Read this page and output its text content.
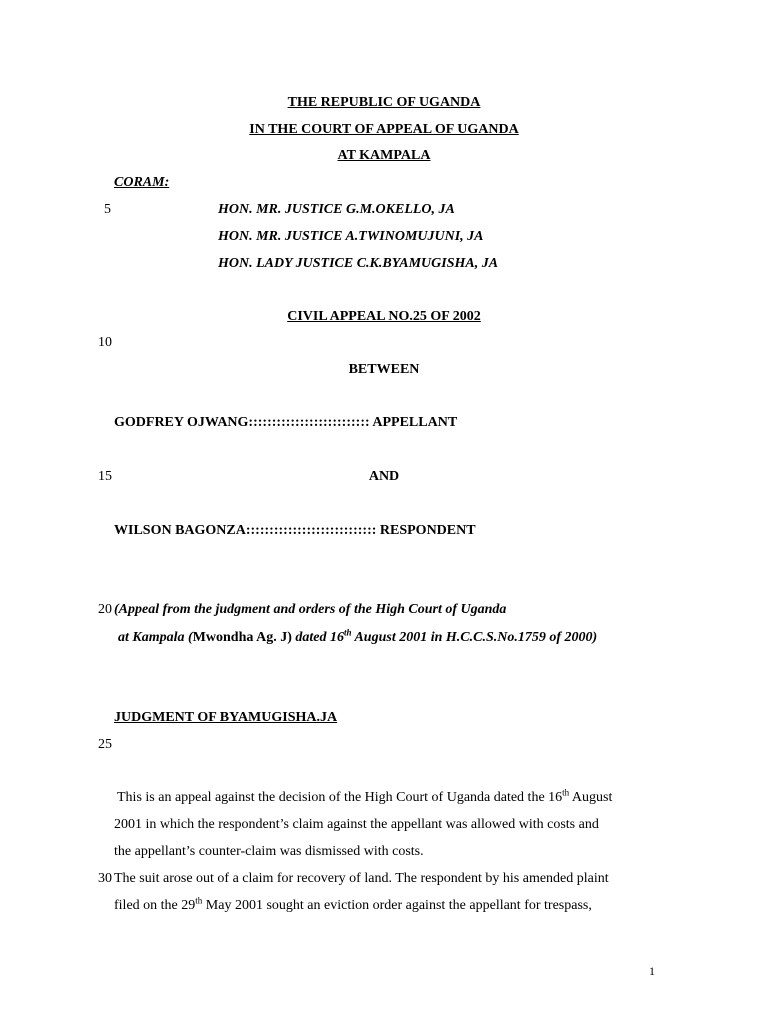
THE REPUBLIC OF UGANDA
IN THE COURT OF APPEAL OF UGANDA
AT KAMPALA
CORAM:
5	HON. MR. JUSTICE G.M.OKELLO, JA
HON. MR. JUSTICE A.TWINOMUJUNI, JA
HON. LADY JUSTICE C.K.BYAMUGISHA, JA
CIVIL APPEAL NO.25 OF 2002
10
BETWEEN
GODFREY OJWANG:::::::::::::::::::::::::: APPELLANT
15	AND
WILSON BAGONZA:::::::::::::::::::::::::::: RESPONDENT
20 (Appeal from the judgment and orders of the High Court of Uganda
at Kampala (Mwondha Ag. J) dated 16th August 2001 in H.C.C.S.No.1759 of 2000)
JUDGMENT OF BYAMUGISHA.JA
25
This is an appeal against the decision of the High Court of Uganda dated the 16th August
2001 in which the respondent’s claim against the appellant was allowed with costs and
the appellant’s counter-claim was dismissed with costs.
30 The suit arose out of a claim for recovery of land. The respondent by his amended plaint
filed on the 29th May 2001 sought an eviction order against the appellant for trespass,
1
